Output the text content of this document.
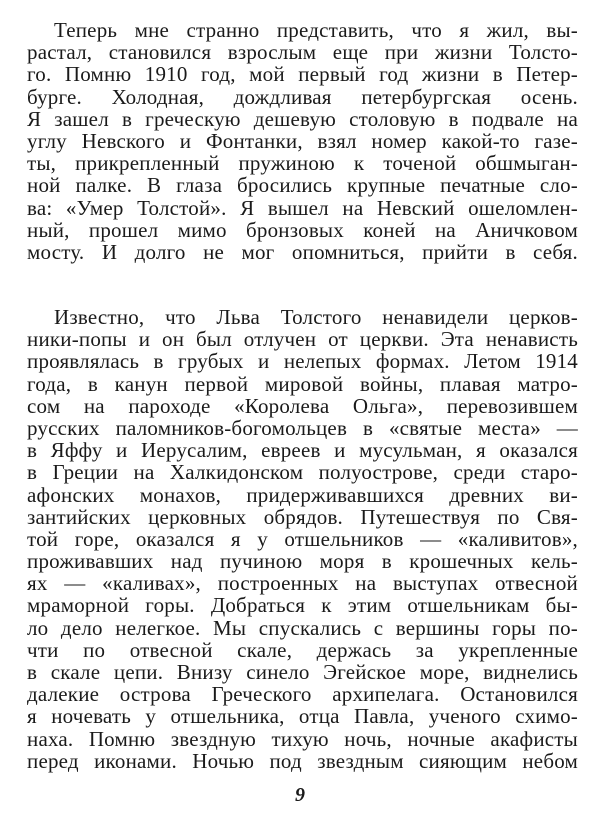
Теперь мне странно представить, что я жил, вы-
растал, становился взрослым еще при жизни Толсто-
го. Помню 1910 год, мой первый год жизни в Петер-
бурге. Холодная, дождливая петербургская осень.
Я зашел в греческую дешевую столовую в подвале на
углу Невского и Фонтанки, взял номер какой-то газе-
ты, прикрепленный пружиною к точеной обшмыган-
ной палке. В глаза бросились крупные печатные сло-
ва: «Умер Толстой». Я вышел на Невский ошеломлен-
ный, прошел мимо бронзовых коней на Аничковом
мосту. И долго не мог опомниться, прийти в себя.
Известно, что Льва Толстого ненавидели церков-
ники-попы и он был отлучен от церкви. Эта ненависть
проявлялась в грубых и нелепых формах. Летом 1914
года, в канун первой мировой войны, плавая матро-
сом на пароходе «Королева Ольга», перевозившем
русских паломников-богомольцев в «святые места» —
в Яффу и Иерусалим, евреев и мусульман, я оказался
в Греции на Халкидонском полуострове, среди старо-
афонских монахов, придерживавшихся древних ви-
зантийских церковных обрядов. Путешествуя по Свя-
той горе, оказался я у отшельников — «каливитов»,
проживавших над пучиною моря в крошечных кель-
ях — «каливах», построенных на выступах отвесной
мраморной горы. Добраться к этим отшельникам бы-
ло дело нелегкое. Мы спускались с вершины горы по-
чти по отвесной скале, держась за укрепленные
в скале цепи. Внизу синело Эгейское море, виднелись
далекие острова Греческого архипелага. Остановился
я ночевать у отшельника, отца Павла, ученого схимо-
наха. Помню звездную тихую ночь, ночные акафисты
перед иконами. Ночью под звездным сияющим небом
9
